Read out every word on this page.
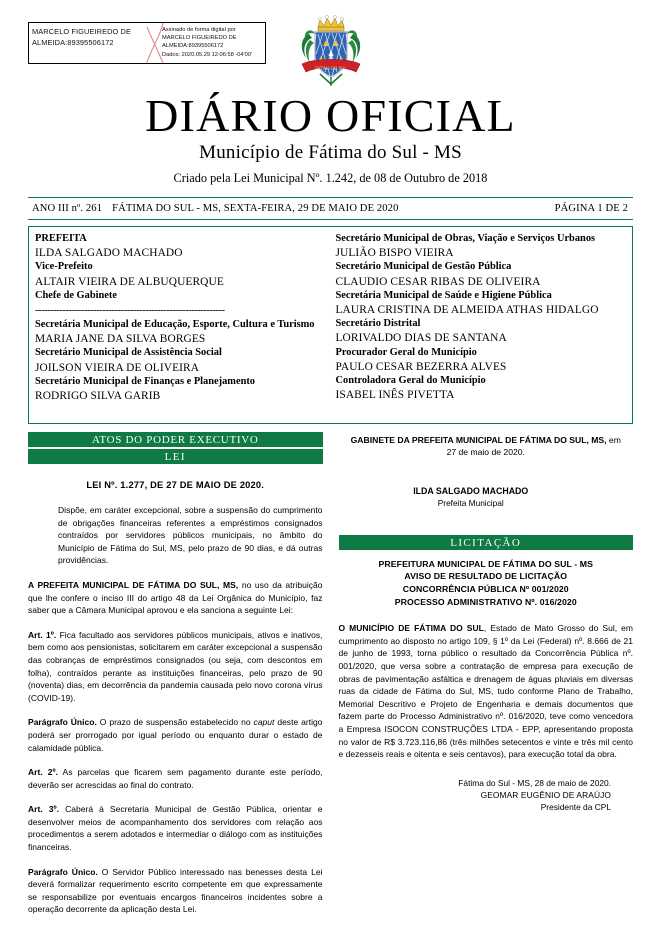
MARCELO FIGUEIREDO DE ALMEIDA:89395506172
Assinado de forma digital por
MARCELO FIGUEIREDO DE
ALMEIDA:89395506172
Dados: 2020.05.29 12:06:58 -04'00'
FATIMA DO SUL
DIÁRIO OFICIAL
Município de Fátima do Sul - MS
Criado pela Lei Municipal Nº. 1.242, de 08 de Outubro de 2018
ANO III nº. 261 FÁTIMA DO SUL - MS, SEXTA-FEIRA, 29 DE MAIO DE 2020	PÁGINA 1 DE 2
PREFEITA
ILDA SALGADO MACHADO
Vice-Prefeito
ALTAIR VIEIRA DE ALBUQUERQUE
Chefe de Gabinete
--------------------------------------------------------------
Secretária Municipal de Educação, Esporte, Cultura e Turismo
MARIA JANE DA SILVA BORGES
Secretário Municipal de Assistência Social
JOILSON VIEIRA DE OLIVEIRA
Secretário Municipal de Finanças e Planejamento
RODRIGO SILVA GARIB
Secretário Municipal de Obras, Viação e Serviços Urbanos
JULIÃO BISPO VIEIRA
Secretário Municipal de Gestão Pública
CLAUDIO CESAR RIBAS DE OLIVEIRA
Secretária Municipal de Saúde e Higiene Pública
LAURA CRISTINA DE ALMEIDA ATHAS HIDALGO
Secretário Distrital
LORIVALDO DIAS DE SANTANA
Procurador Geral do Município
PAULO CESAR BEZERRA ALVES
Controladora Geral do Município
ISABEL INÊS PIVETTA
ATOS DO PODER EXECUTIVO
LEI
LEI Nº. 1.277, DE 27 DE MAIO DE 2020.

Dispõe, em caráter excepcional, sobre a suspensão do cumprimento de obrigações financeiras referentes a empréstimos consignados contraídos por servidores públicos municipais, no âmbito do Município de Fátima do Sul, MS, pelo prazo de 90 dias, e dá outras providências.

A PREFEITA MUNICIPAL DE FÁTIMA DO SUL, MS, no uso da atribuição que lhe confere o inciso III do artigo 48 da Lei Orgânica do Município, faz saber que a Câmara Municipal aprovou e ela sanciona a seguinte Lei:

Art. 1º. Fica facultado aos servidores públicos municipais, ativos e inativos, bem como aos pensionistas, solicitarem em caráter excepcional a suspensão das cobranças de empréstimos consignados (ou seja, com descontos em folha), contraídos perante as instituições financeiras, pelo prazo de 90 (noventa) dias, em decorrência da pandemia causada pelo novo corona vírus (COVID-19).

Parágrafo Único. O prazo de suspensão estabelecido no caput deste artigo poderá ser prorrogado por igual período ou enquanto durar o estado de calamidade pública.

Art. 2º. As parcelas que ficarem sem pagamento durante este período, deverão ser acrescidas ao final do contrato.

Art. 3º. Caberá à Secretaria Municipal de Gestão Pública, orientar e desenvolver meios de acompanhamento dos servidores com relação aos procedimentos a serem adotados e intermediar o diálogo com as instituições financeiras.

Parágrafo Único. O Servidor Público interessado nas benesses desta Lei deverá formalizar requerimento escrito competente em que expressamente se responsabilize por eventuais encargos financeiros incidentes sobre a operação decorrente da aplicação desta Lei.

GABINETE DA PREFEITA MUNICIPAL DE FÁTIMA DO SUL, MS, em 27 de maio de 2020.
ILDA SALGADO MACHADO
Prefeita Municipal
LICITAÇÃO
PREFEITURA MUNICIPAL DE FÁTIMA DO SUL - MS
AVISO DE RESULTADO DE LICITAÇÃO
CONCORRÊNCIA PÚBLICA Nº 001/2020
PROCESSO ADMINISTRATIVO Nº. 016/2020

O MUNICÍPIO DE FÁTIMA DO SUL, Estado de Mato Grosso do Sul, em cumprimento ao disposto no artigo 109, § 1º da Lei (Federal) nº. 8.666 de 21 de junho de 1993, torna público o resultado da Concorrência Pública nº. 001/2020, que versa sobre a contratação de empresa para execução de obras de pavimentação asfáltica e drenagem de águas pluviais em diversas ruas da cidade de Fátima do Sul, MS, tudo conforme Plano de Trabalho, Memorial Descritivo e Projeto de Engenharia e demais documentos que fazem parte do Processo Administrativo nº. 016/2020, teve como vencedora a Empresa ISOCON CONSTRUÇÕES LTDA - EPP, apresentando proposta no valor de R$ 3.723.116,86 (três milhões setecentos e vinte e três mil cento e dezesseis reais e oitenta e seis centavos), para execução total da obra.

Fátima do Sul - MS, 28 de maio de 2020.
GEOMAR EUGÊNIO DE ARAÚJO
Presidente da CPL
